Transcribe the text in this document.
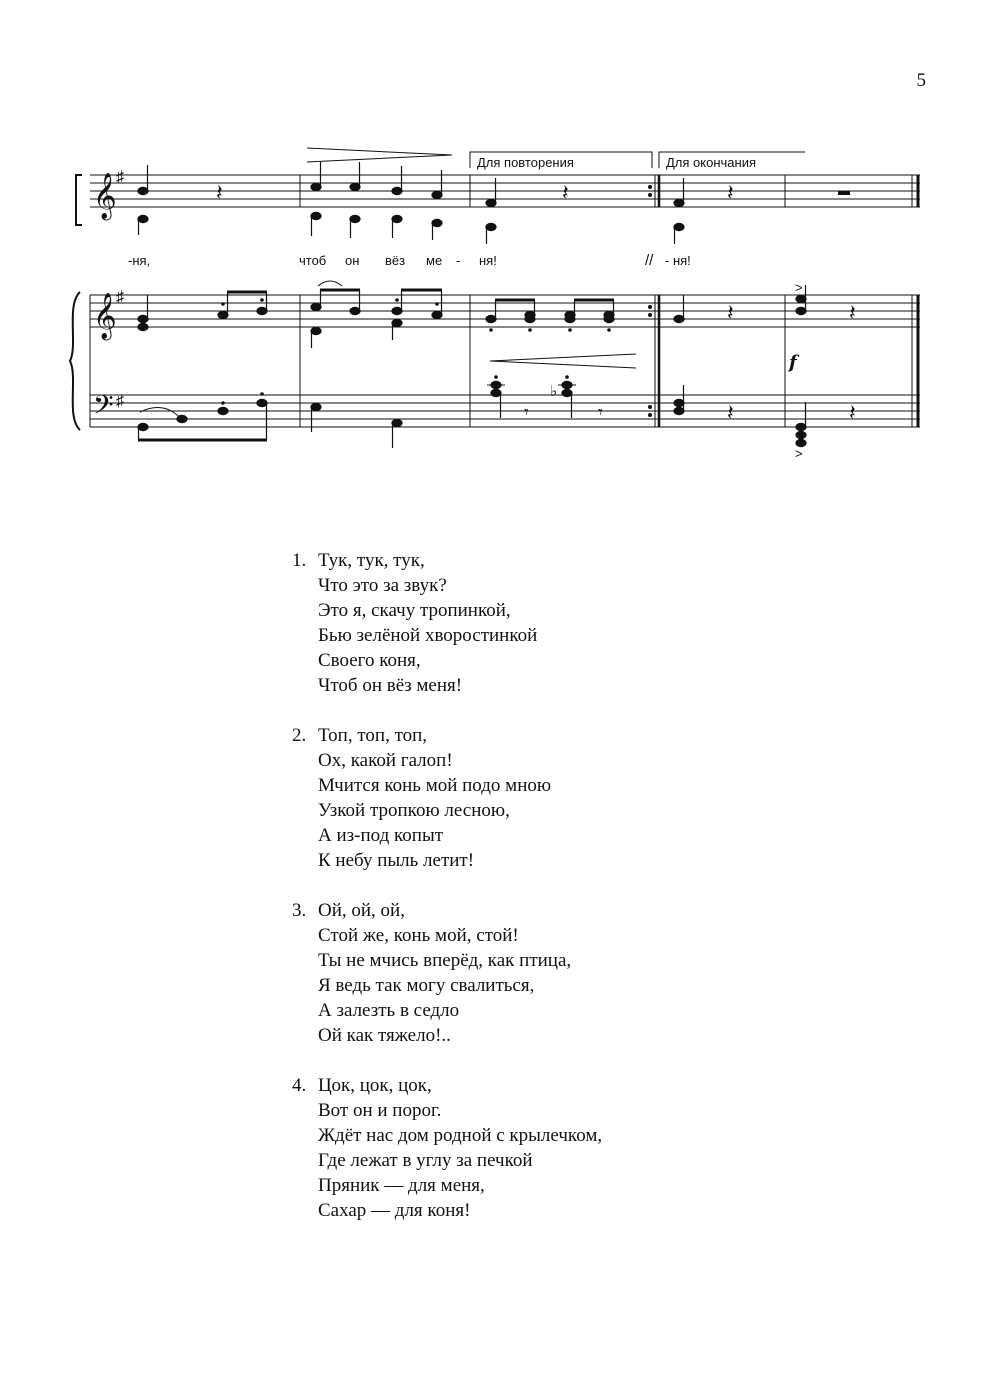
5
𝄞
𝄞
𝄢
♯
♯
♯
𝄽	𝄽	𝄽
𝄽	𝄽
𝄽	𝄽
𝄾	𝄾
♭
>
>
Для повторения	Для окончания
-ня,	чтоб он вёз ме - ня!	// - ня!
f
1. Тук, тук, тук,
Что это за звук?
Это я, скачу тропинкой,
Бью зелёной хворостинкой
Своего коня,
Чтоб он вёз меня!
2. Топ, топ, топ,
Ох, какой галоп!
Мчится конь мой подо мною
Узкой тропкою лесною,
А из-под копыт
К небу пыль летит!
3. Ой, ой, ой,
Стой же, конь мой, стой!
Ты не мчись вперёд, как птица,
Я ведь так могу свалиться,
А залезть в седло
Ой как тяжело!..
4. Цок, цок, цок,
Вот он и порог.
Ждёт нас дом родной с крылечком,
Где лежат в углу за печкой
Пряник — для меня,
Сахар — для коня!
